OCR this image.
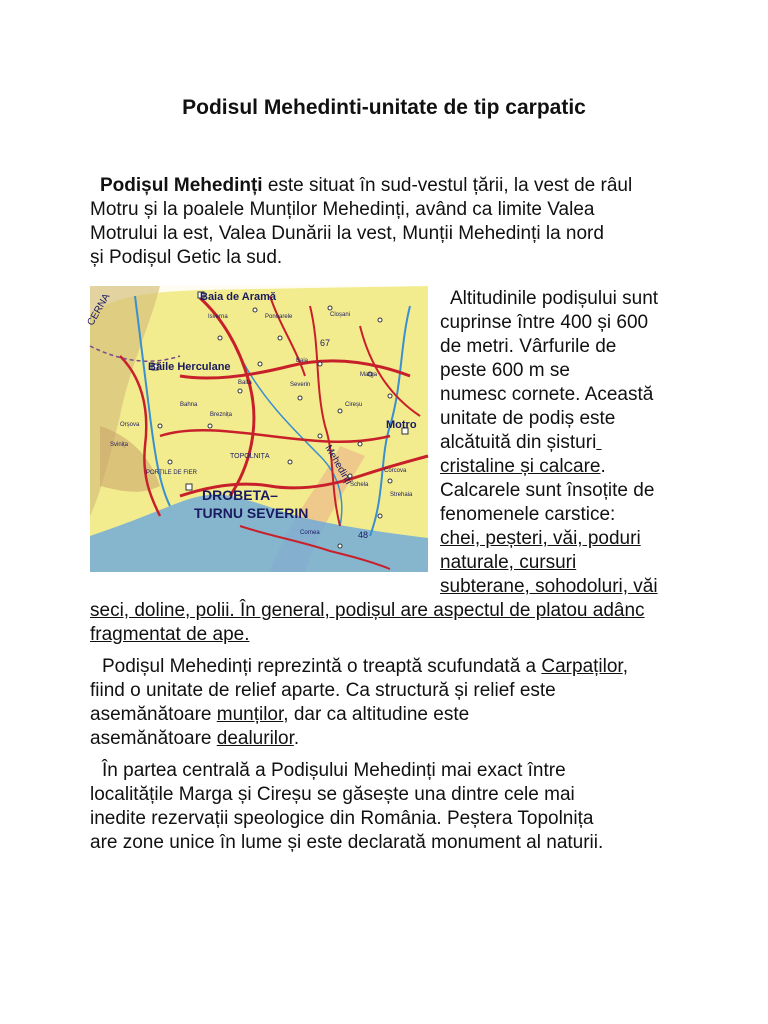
Podisul Mehedinti-unitate de tip carpatic
Podișul Mehedinți este situat în sud-vestul țării, la vest de râul
Motru și la poalele Munților Mehedinți, având ca limite Valea
Motrului la est, Valea Dunării la vest, Munții Mehedinți la nord
și Podișul Getic la sud.
Baia de Aramă
Băile Herculane
Motro
DROBETA–
TURNU SEVERIN
TOPOLNIȚA
CERNA
Mehedinți
PORȚILE DE FIER
Baia
Ponoarele
Severin
Isverna
Balta
Cireșu
Marga
Cloșani
Strehaia
Cornea
Breznița
Orșova
Schela
Svinița
Bahna
Corcova
48
67
Altitudinile podișului sunt
cuprinse între 400 și 600
de metri. Vârfurile de
peste 600 m se
numesc cornete. Această
unitate de podiș este
alcătuită din șisturi
cristaline și calcare.
Calcarele sunt însoțite de
fenomenele carstice:
chei, peșteri, văi, poduri
naturale, cursuri
subterane, sohodoluri, văi
seci, doline, polii. În general, podișul are aspectul de platou adânc
fragmentat de ape.
Podișul Mehedinți reprezintă o treaptă scufundată a Carpaților,
fiind o unitate de relief aparte. Ca structură și relief este
asemănătoare munților, dar ca altitudine este
asemănătoare dealurilor.
În partea centrală a Podișului Mehedinți mai exact între
localitățile Marga și Cireșu se găsește una dintre cele mai
inedite rezervații speologice din România. Peștera Topolnița
are zone unice în lume și este declarată monument al naturii.
